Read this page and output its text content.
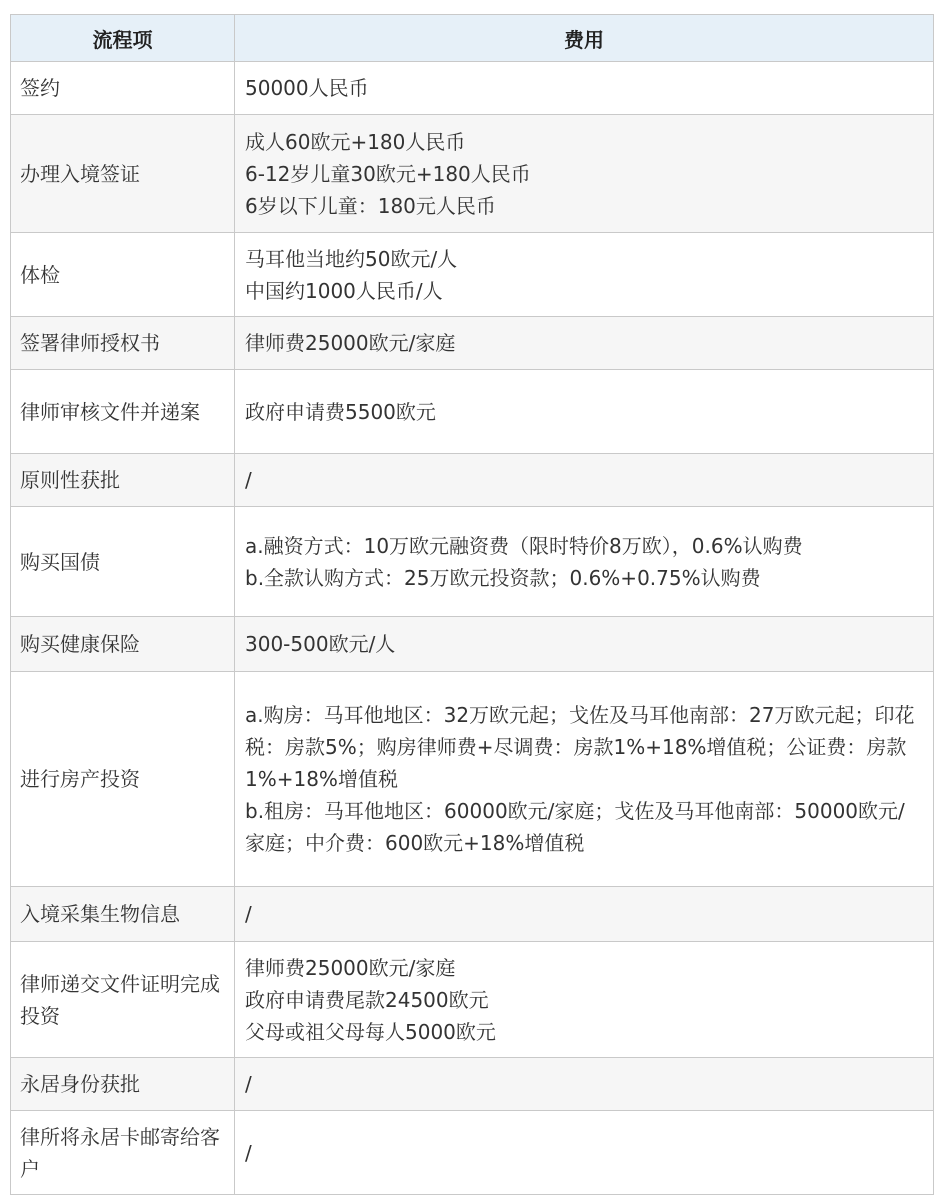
流程项	费用
签约	50000人民币

办理入境签证	成人60欧元+180人民币
6-12岁儿童30欧元+180人民币
6岁以下儿童：180元人民币

体检	马耳他当地约50欧元/人
中国约1000人民币/人

签署律师授权书	律师费25000欧元/家庭

律师审核文件并递案	政府申请费5500欧元

原则性获批	/

购买国债	a.融资方式：10万欧元融资费（限时特价8万欧），0.6%认购费
b.全款认购方式：25万欧元投资款；0.6%+0.75%认购费

购买健康保险	300-500欧元/人

进行房产投资	a.购房：马耳他地区：32万欧元起；戈佐及马耳他南部：27万欧元起；印花税：房款5%；购房律师费+尽调费：房款1%+18%增值税；公证费：房款1%+18%增值税
b.租房：马耳他地区：60000欧元/家庭；戈佐及马耳他南部：50000欧元/家庭；中介费：600欧元+18%增值税

入境采集生物信息	/

律师递交文件证明完成投资	律师费25000欧元/家庭
政府申请费尾款24500欧元
父母或祖父母每人5000欧元

永居身份获批	/

律所将永居卡邮寄给客户	/
